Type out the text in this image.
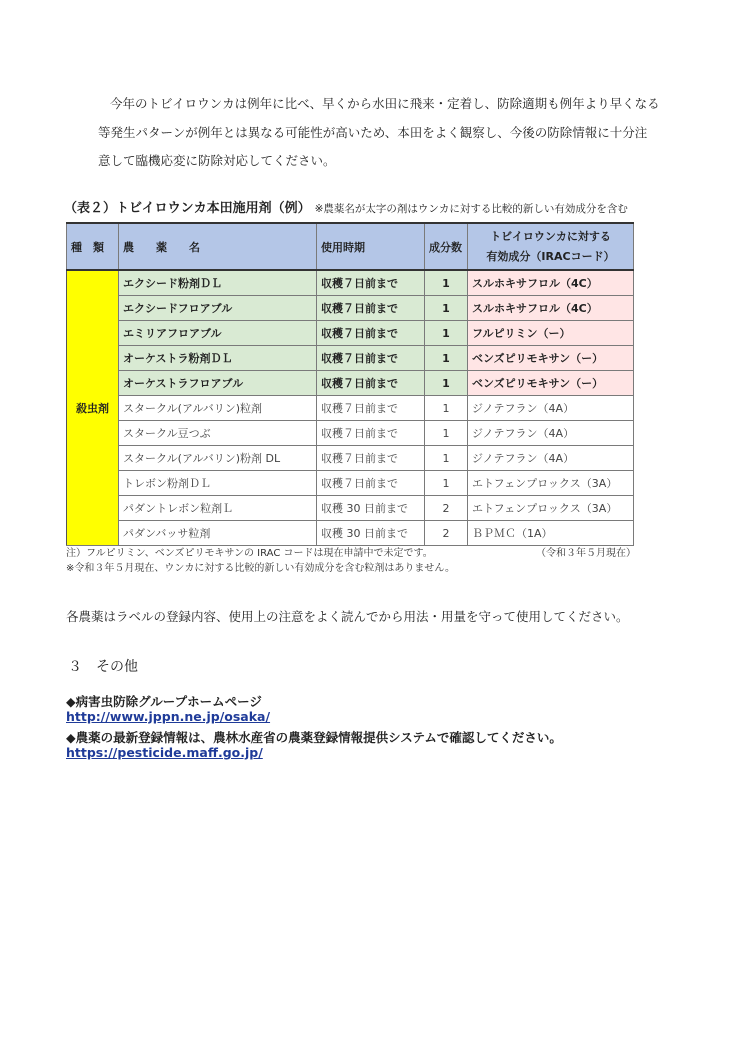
今年のトビイロウンカは例年に比べ、早くから水田に飛来・定着し、防除適期も例年より早くなる

等発生パターンが例年とは異なる可能性が高いため、本田をよく観察し、今後の防除情報に十分注

意して臨機応変に防除対応してください。

（表２）トビイロウンカ本田施用剤（例） ※農薬名が太字の剤はウンカに対する比較的新しい有効成分を含む
種　類	農　　薬　　名	使用時期	成分数	トビイロウンカに対する
有効成分（IRACコード）
殺虫剤	エクシード粉剤ＤＬ	収穫７日前まで	1	スルホキサフロル（4C）
	エクシードフロアブル	収穫７日前まで	1	スルホキサフロル（4C）
	エミリアフロアブル	収穫７日前まで	1	フルピリミン（ー）
	オーケストラ粉剤ＤＬ	収穫７日前まで	1	ベンズピリモキサン（ー）
	オーケストラフロアブル	収穫７日前まで	1	ベンズピリモキサン（ー）
	スタークル(アルバリン)粒剤	収穫７日前まで	1	ジノテフラン（4A）
	スタークル豆つぶ	収穫７日前まで	1	ジノテフラン（4A）
	スタークル(アルバリン)粉剤 DL	収穫７日前まで	1	ジノテフラン（4A）
	トレボン粉剤ＤＬ	収穫７日前まで	1	エトフェンプロックス（3A）
	パダントレボン粒剤Ｌ	収穫 30 日前まで	2	エトフェンプロックス（3A）
	パダンバッサ粒剤	収穫 30 日前まで	2	ＢＰＭＣ（1A）
注）フルピリミン、ベンズピリモキサンの IRAC コードは現在申請中で未定です。	（令和３年５月現在）
※令和３年５月現在、ウンカに対する比較的新しい有効成分を含む粒剤はありません。
各農薬はラベルの登録内容、使用上の注意をよく読んでから用法・用量を守って使用してください。
３　その他
◆病害虫防除グループホームページ
http://www.jppn.ne.jp/osaka/
◆農薬の最新登録情報は、農林水産省の農薬登録情報提供システムで確認してください。
https://pesticide.maff.go.jp/
